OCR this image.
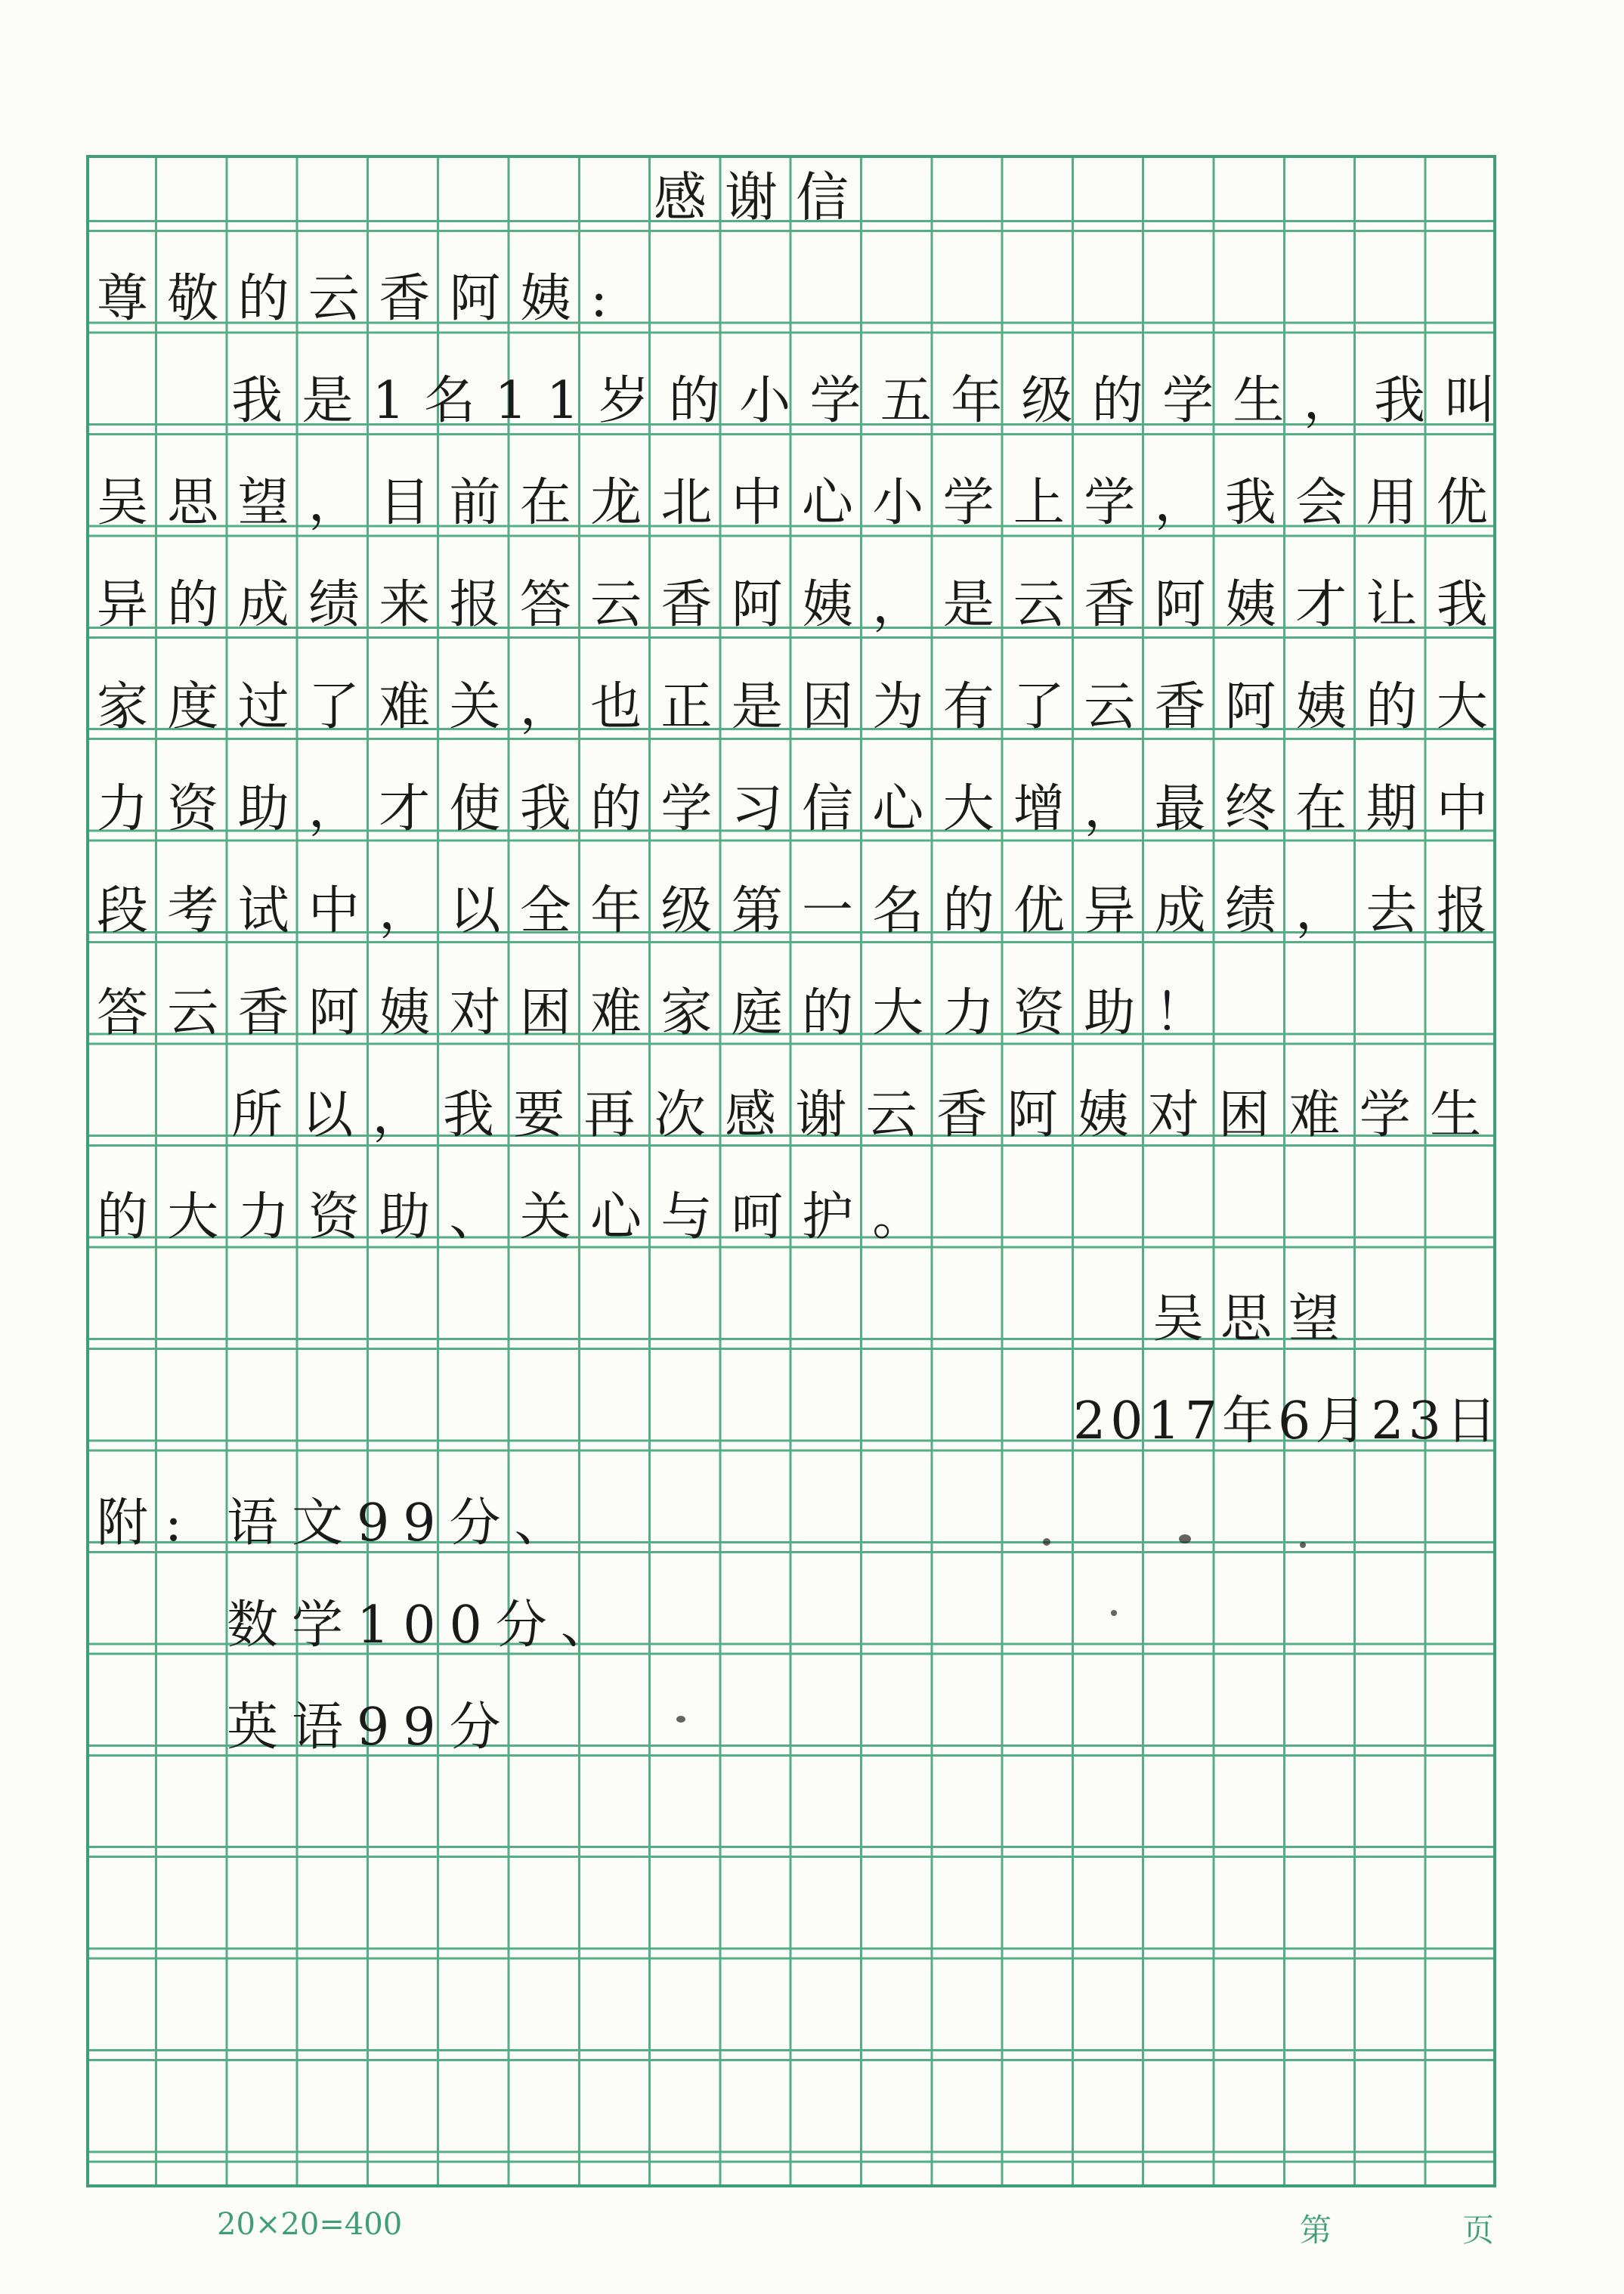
感谢信
尊敬的云香阿姨:
我是1名11岁的小学五年级的学生，我叫
吴思望，目前在龙北中心小学上学，我会用优
异的成绩来报答云香阿姨，是云香阿姨才让我
家度过了难关，也正是因为有了云香阿姨的大
力资助，才使我的学习信心大增，最终在期中
段考试中，以全年级第一名的优异成绩，去报
答云香阿姨对困难家庭的大力资助！
所以，我要再次感谢云香阿姨对困难学生
的大力资助、关心与呵护。
吴思望
2017年6月23日
附: 语文99分、
数学100分、
英语99分
20×20=400	第	页
